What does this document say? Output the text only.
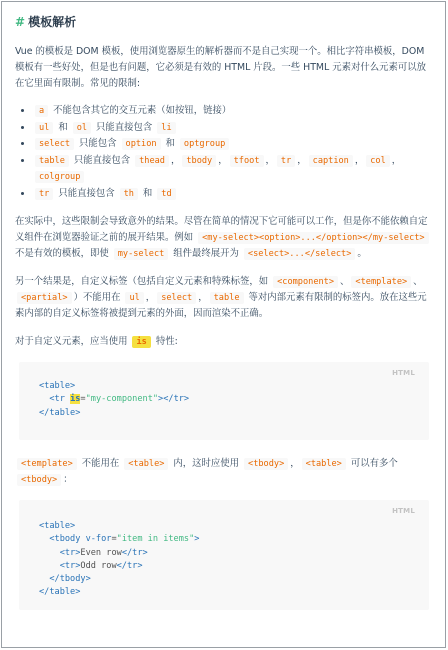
# 模板解析

Vue 的模板是 DOM 模板，使用浏览器原生的解析器而不是自己实现一个。相比字符串模板，DOM 模板有一些好处，但是也有问题，它必须是有效的 HTML 片段。一些 HTML 元素对什么元素可以放在它里面有限制。常见的限制:

• a 不能包含其它的交互元素（如按钮，链接）
• ul 和 ol 只能直接包含 li
• select 只能包含 option 和 optgroup
• table 只能直接包含 thead ， tbody ， tfoot ， tr ， caption ， col ，colgroup
• tr 只能直接包含 th 和 td

在实际中，这些限制会导致意外的结果。尽管在简单的情况下它可能可以工作，但是你不能依赖自定义组件在浏览器验证之前的展开结果。例如 <my-select><option>...</option></my-select> 不是有效的模板，即使 my-select 组件最终展开为 <select>...</select> 。

另一个结果是，自定义标签（包括自定义元素和特殊标签，如 <component> 、 <template> 、 <partial> ）不能用在 ul ， select ， table 等对内部元素有限制的标签内。放在这些元素内部的自定义标签将被提到元素的外面，因而渲染不正确。

对于自定义元素，应当使用 is 特性:

HTML
<table>
<tr is="my-component"></tr>
</table>

<template> 不能用在 <table> 内，这时应使用 <tbody> ， <table> 可以有多个 <tbody> ：

HTML
<table>
<tbody v-for="item in items">
<tr>Even row</tr>
<tr>Odd row</tr>
</tbody>
</table>
